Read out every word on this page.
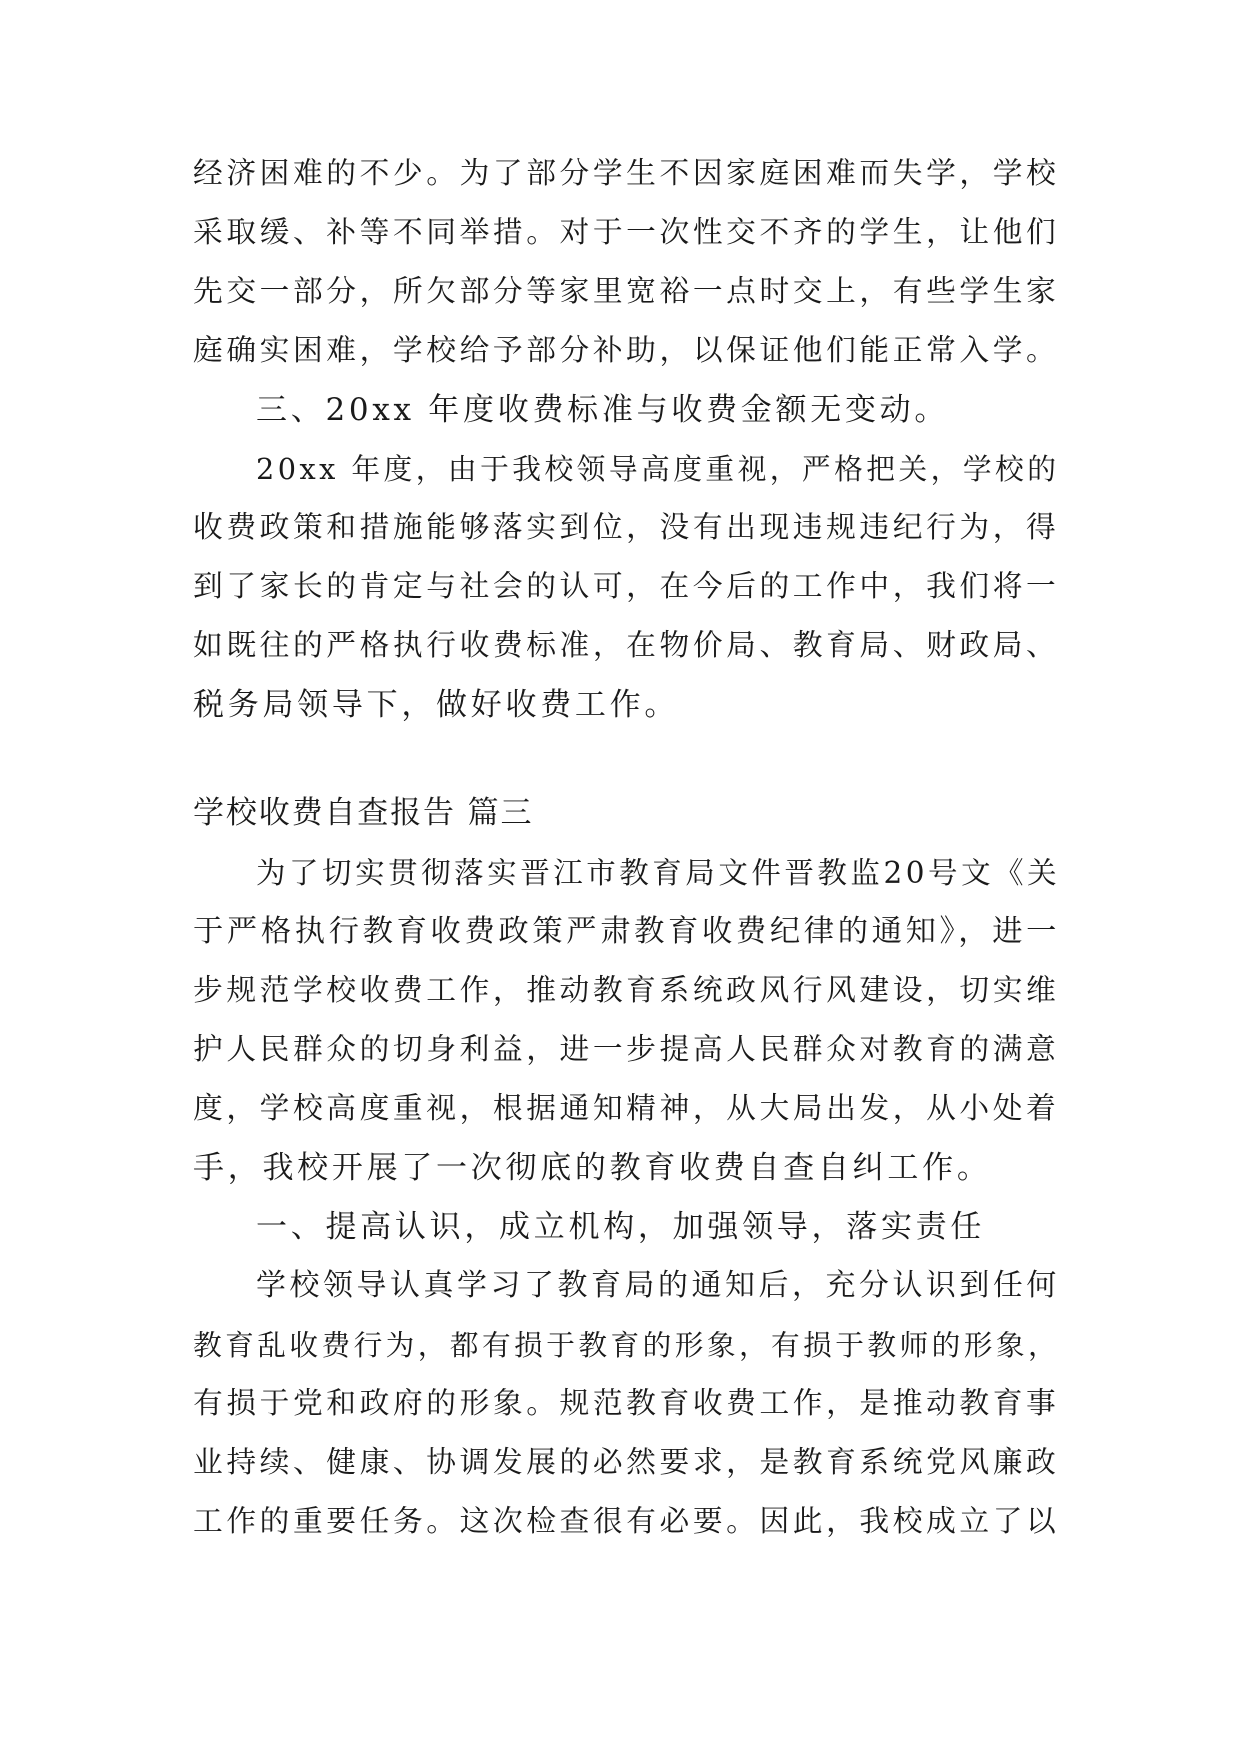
经济困难的不少。为了部分学生不因家庭困难而失学，学校
采取缓、补等不同举措。对于一次性交不齐的学生，让他们
先交一部分，所欠部分等家里宽裕一点时交上，有些学生家
庭确实困难，学校给予部分补助，以保证他们能正常入学。
三、20xx 年度收费标准与收费金额无变动。
20xx 年度，由于我校领导高度重视，严格把关，学校的
收费政策和措施能够落实到位，没有出现违规违纪行为，得
到了家长的肯定与社会的认可，在今后的工作中，我们将一
如既往的严格执行收费标准，在物价局、教育局、财政局、
税务局领导下，做好收费工作。
学校收费自查报告 篇三
为了切实贯彻落实晋江市教育局文件晋教监20号文《关
于严格执行教育收费政策严肃教育收费纪律的通知》，进一
步规范学校收费工作，推动教育系统政风行风建设，切实维
护人民群众的切身利益，进一步提高人民群众对教育的满意
度，学校高度重视，根据通知精神，从大局出发，从小处着
手，我校开展了一次彻底的教育收费自查自纠工作。
一、提高认识，成立机构，加强领导，落实责任
学校领导认真学习了教育局的通知后，充分认识到任何
教育乱收费行为，都有损于教育的形象，有损于教师的形象，
有损于党和政府的形象。规范教育收费工作，是推动教育事
业持续、健康、协调发展的必然要求，是教育系统党风廉政
工作的重要任务。这次检查很有必要。因此，我校成立了以
